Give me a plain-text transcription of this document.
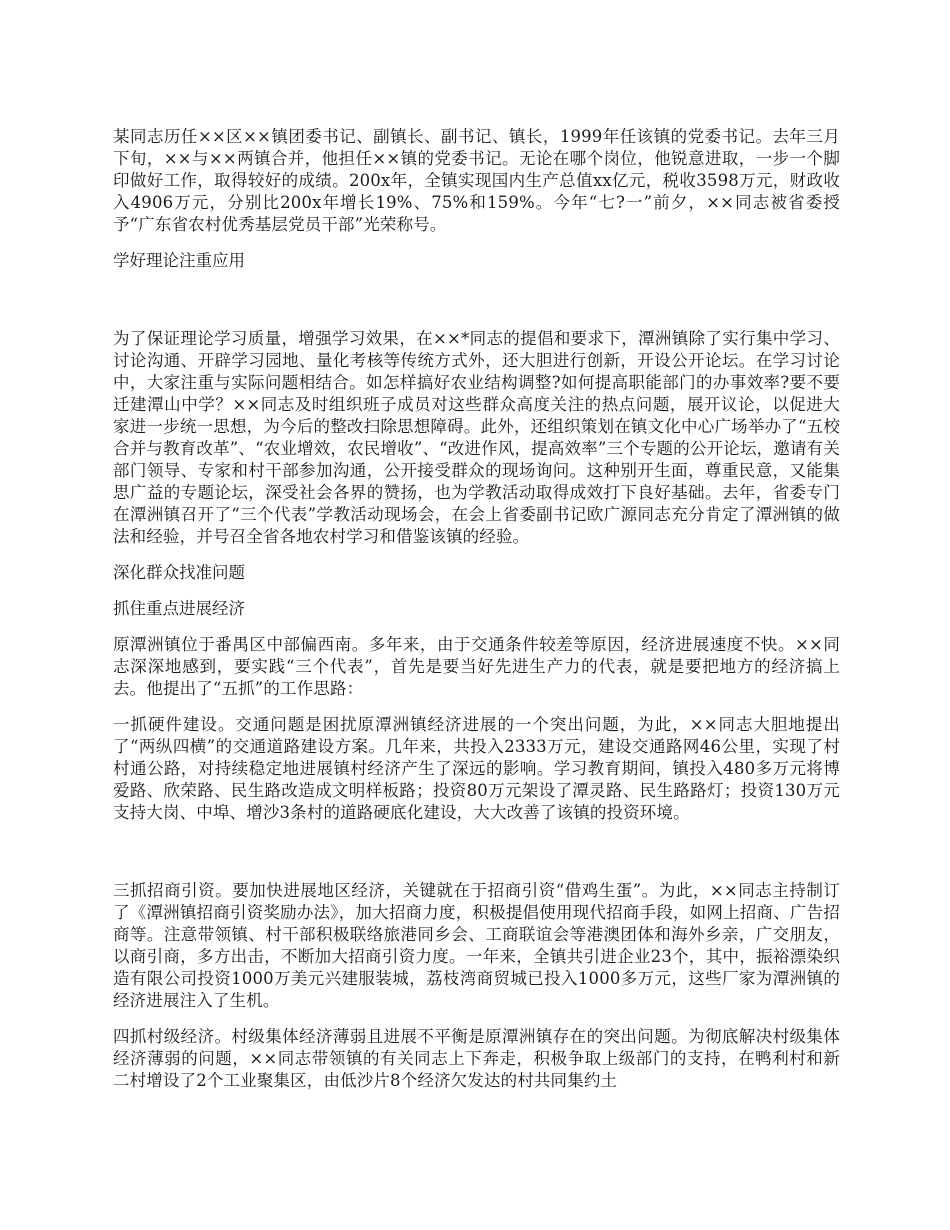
某同志历任××区××镇团委书记、副镇长、副书记、镇长，1999年任该镇的党委书记。去年三月下旬，××与××两镇合并，他担任××镇的党委书记。无论在哪个岗位，他锐意进取，一步一个脚印做好工作，取得较好的成绩。200x年，全镇实现国内生产总值xx亿元，税收3598万元，财政收入4906万元，分别比200x年增长19%、75%和159%。今年“七?一”前夕，××同志被省委授予“广东省农村优秀基层党员干部”光荣称号。

学好理论注重应用

为了保证理论学习质量，增强学习效果，在××*同志的提倡和要求下，潭洲镇除了实行集中学习、讨论沟通、开辟学习园地、量化考核等传统方式外，还大胆进行创新，开设公开论坛。在学习讨论中，大家注重与实际问题相结合。如怎样搞好农业结构调整?如何提高职能部门的办事效率?要不要迁建潭山中学？××同志及时组织班子成员对这些群众高度关注的热点问题，展开议论，以促进大家进一步统一思想，为今后的整改扫除思想障碍。此外，还组织策划在镇文化中心广场举办了“五校合并与教育改革”、“农业增效，农民增收”、“改进作风，提高效率”三个专题的公开论坛，邀请有关部门领导、专家和村干部参加沟通，公开接受群众的现场询问。这种别开生面，尊重民意，又能集思广益的专题论坛，深受社会各界的赞扬，也为学教活动取得成效打下良好基础。去年，省委专门在潭洲镇召开了“三个代表”学教活动现场会，在会上省委副书记欧广源同志充分肯定了潭洲镇的做法和经验，并号召全省各地农村学习和借鉴该镇的经验。

深化群众找准问题

抓住重点进展经济

原潭洲镇位于番禺区中部偏西南。多年来，由于交通条件较差等原因，经济进展速度不快。××同志深深地感到，要实践“三个代表”，首先是要当好先进生产力的代表，就是要把地方的经济搞上去。他提出了“五抓”的工作思路：

一抓硬件建设。交通问题是困扰原潭洲镇经济进展的一个突出问题，为此，××同志大胆地提出了“两纵四横”的交通道路建设方案。几年来，共投入2333万元，建设交通路网46公里，实现了村村通公路，对持续稳定地进展镇村经济产生了深远的影响。学习教育期间，镇投入480多万元将博爱路、欣荣路、民生路改造成文明样板路；投资80万元架设了潭灵路、民生路路灯；投资130万元支持大岗、中埠、增沙3条村的道路硬底化建设，大大改善了该镇的投资环境。

三抓招商引资。要加快进展地区经济，关键就在于招商引资“借鸡生蛋”。为此，××同志主持制订了《潭洲镇招商引资奖励办法》，加大招商力度，积极提倡使用现代招商手段，如网上招商、广告招商等。注意带领镇、村干部积极联络旅港同乡会、工商联谊会等港澳团体和海外乡亲，广交朋友，以商引商，多方出击，不断加大招商引资力度。一年来，全镇共引进企业23个，其中，振裕漂染织造有限公司投资1000万美元兴建服装城，荔枝湾商贸城已投入1000多万元，这些厂家为潭洲镇的经济进展注入了生机。

四抓村级经济。村级集体经济薄弱且进展不平衡是原潭洲镇存在的突出问题。为彻底解决村级集体经济薄弱的问题，××同志带领镇的有关同志上下奔走，积极争取上级部门的支持，在鸭利村和新二村增设了2个工业聚集区，由低沙片8个经济欠发达的村共同集约土
